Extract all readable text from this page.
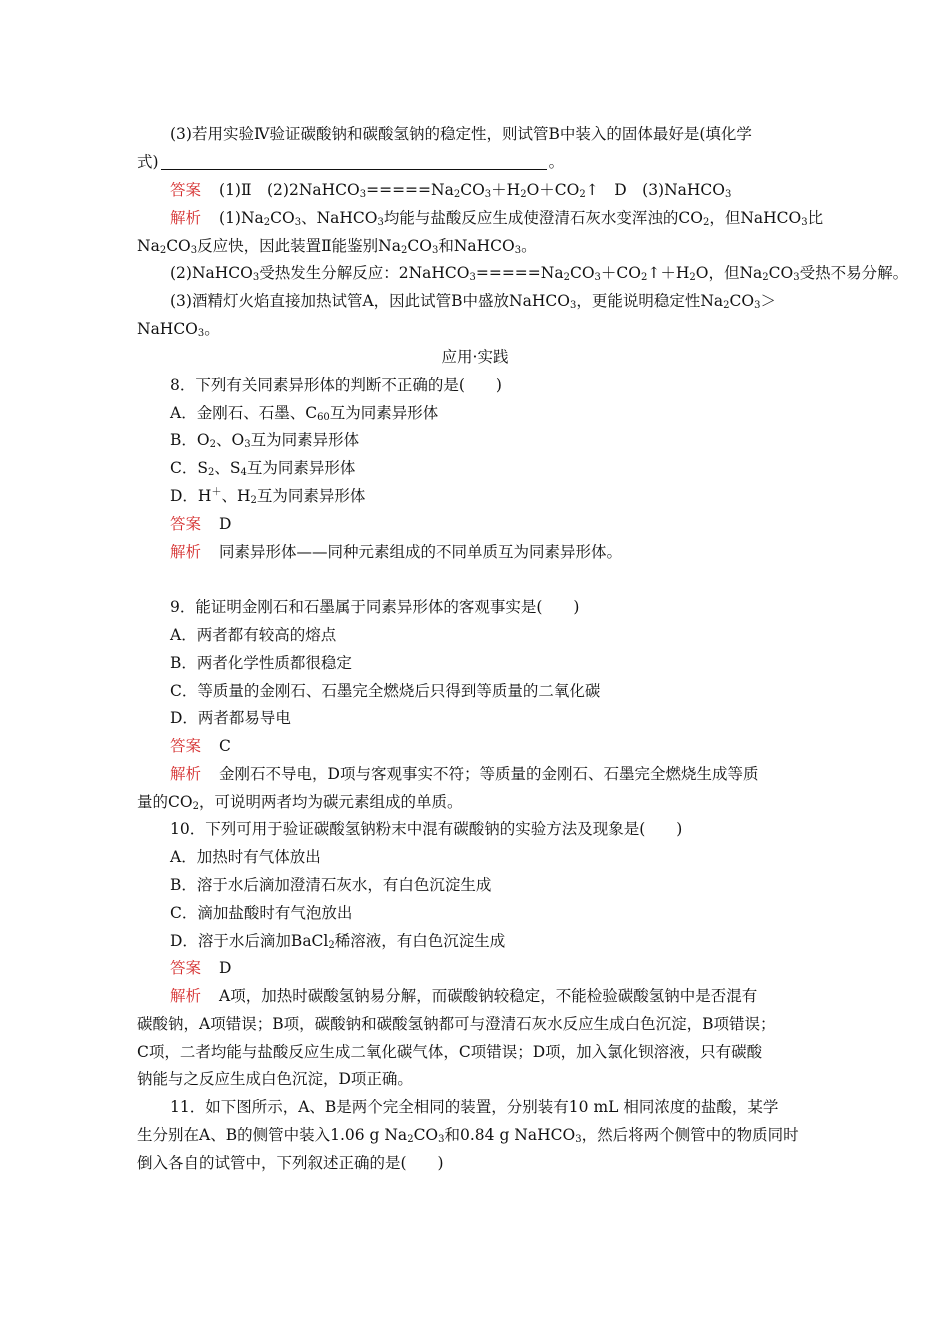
(3)若用实验Ⅳ验证碳酸钠和碳酸氢钠的稳定性，则试管B中装入的固体最好是(填化学
式)	。
答案 (1)Ⅱ　$(2)2NaHCO_3=====Na_2CO_3+H_2O+CO_2↑$　D　(3)NaHCO$_3$
解析 $(1)Na_2CO_3$、NaHCO$_3$均能与盐酸反应生成使澄清石灰水变浑浊的$CO_2$，但NaHCO$_3$比
$Na_2CO_3$反应快，因此装置Ⅱ能鉴别$Na_2CO_3$和NaHCO$_3$。
(2)NaHCO$_3$受热发生分解反应：$2NaHCO_3=====Na_2CO_3+CO_2↑+H_2O$，但$Na_2CO_3$受热不易分解。
(3)酒精灯火焰直接加热试管A，因此试管B中盛放NaHCO$_3$，更能说明稳定性$Na_2CO_3>$
NaHCO$_3$。
应用·实践
8．下列有关同素异形体的判断不正确的是(　　)
A．金刚石、石墨、$C_{60}$互为同素异形体
B．$O_2$、$O_3$互为同素异形体
C．$S_2$、$S_4$互为同素异形体
D．H＋、$H_2$互为同素异形体
答案 D
解析 同素异形体——同种元素组成的不同单质互为同素异形体。
9．能证明金刚石和石墨属于同素异形体的客观事实是(　　)
A．两者都有较高的熔点
B．两者化学性质都很稳定
C．等质量的金刚石、石墨完全燃烧后只得到等质量的二氧化碳
D．两者都易导电
答案 C
解析 金刚石不导电，D项与客观事实不符；等质量的金刚石、石墨完全燃烧生成等质
量的$CO_2$，可说明两者均为碳元素组成的单质。
10．下列可用于验证碳酸氢钠粉末中混有碳酸钠的实验方法及现象是(　　)
A．加热时有气体放出
B．溶于水后滴加澄清石灰水，有白色沉淀生成
C．滴加盐酸时有气泡放出
D．溶于水后滴加BaCl$_2$稀溶液，有白色沉淀生成
答案 D
解析 A项，加热时碳酸氢钠易分解，而碳酸钠较稳定，不能检验碳酸氢钠中是否混有
碳酸钠，A项错误；B项，碳酸钠和碳酸氢钠都可与澄清石灰水反应生成白色沉淀，B项错误；
C项，二者均能与盐酸反应生成二氧化碳气体，C项错误；D项，加入氯化钡溶液，只有碳酸
钠能与之反应生成白色沉淀，D项正确。
11．如下图所示，A、B是两个完全相同的装置，分别装有10 mL 相同浓度的盐酸，某学
生分别在A、B的侧管中装入1.06 g $Na_2CO_3$和0.84 g NaHCO$_3$，然后将两个侧管中的物质同时
倒入各自的试管中，下列叙述正确的是(　　)
